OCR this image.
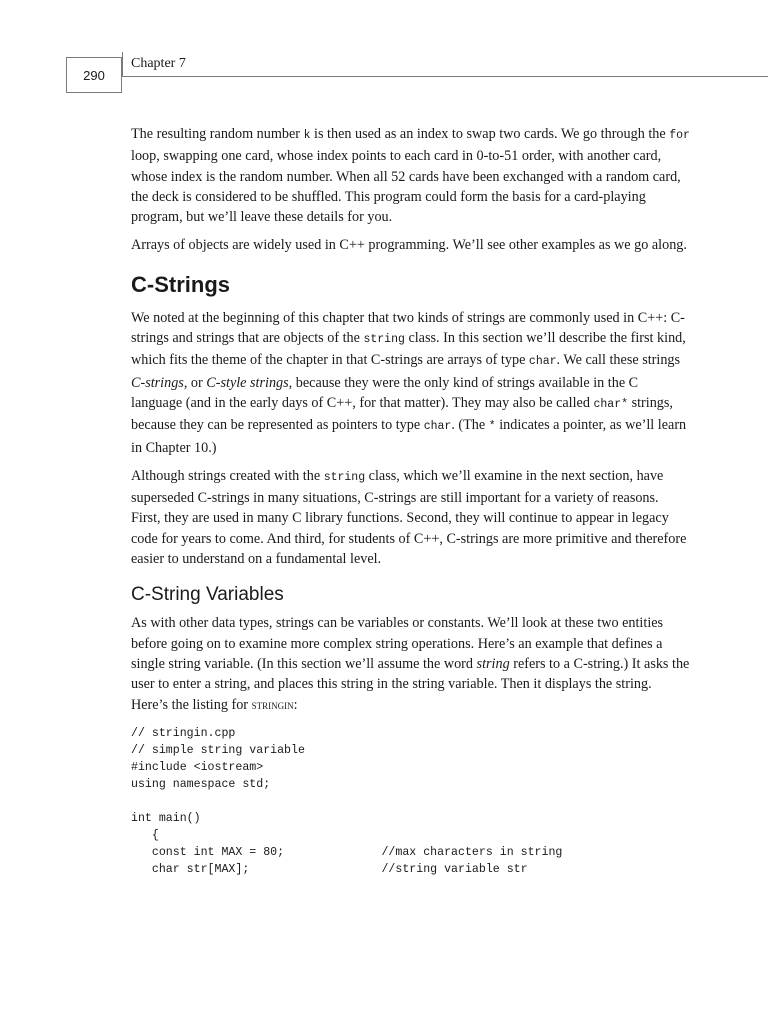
290
Chapter 7

The resulting random number k is then used as an index to swap two cards. We go through the for loop, swapping one card, whose index points to each card in 0-to-51 order, with another card, whose index is the random number. When all 52 cards have been exchanged with a random card, the deck is considered to be shuffled. This program could form the basis for a card-playing program, but we’ll leave these details for you.

Arrays of objects are widely used in C++ programming. We’ll see other examples as we go along.

C-Strings

We noted at the beginning of this chapter that two kinds of strings are commonly used in C++: C-strings and strings that are objects of the string class. In this section we’ll describe the first kind, which fits the theme of the chapter in that C-strings are arrays of type char. We call these strings C-strings, or C-style strings, because they were the only kind of strings available in the C language (and in the early days of C++, for that matter). They may also be called char* strings, because they can be represented as pointers to type char. (The * indicates a pointer, as we’ll learn in Chapter 10.)

Although strings created with the string class, which we’ll examine in the next section, have superseded C-strings in many situations, C-strings are still important for a variety of reasons. First, they are used in many C library functions. Second, they will continue to appear in legacy code for years to come. And third, for students of C++, C-strings are more primitive and therefore easier to understand on a fundamental level.

C-String Variables

As with other data types, strings can be variables or constants. We’ll look at these two entities before going on to examine more complex string operations. Here’s an example that defines a single string variable. (In this section we’ll assume the word string refers to a C-string.) It asks the user to enter a string, and places this string in the string variable. Then it displays the string. Here’s the listing for stringin:

// stringin.cpp
// simple string variable
#include <iostream>
using namespace std;

int main()
{
const int MAX = 80;              //max characters in string
char str[MAX];                   //string variable str
